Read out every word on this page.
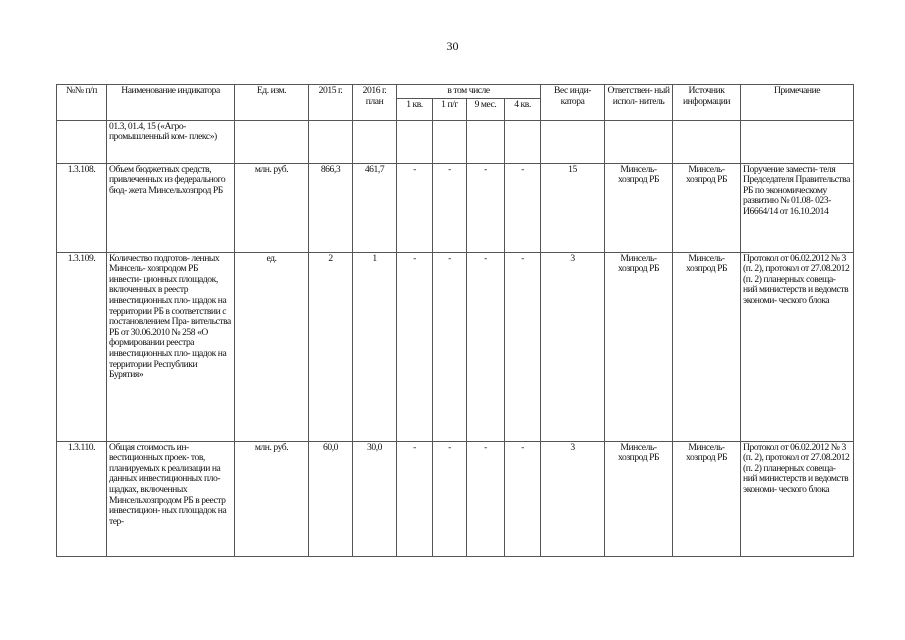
30
№№ п/п	Наименование индикатора	Ед. изм.	2015 г.	2016 г. план	в том числе				Вес инди- катора	Ответствен- ный испол- нитель	Источник информации	Примечание
					1 кв.	1 п/г	9 мес.	4 кв.				
	01.3, 01.4, 15 («Агро- промышленный ком- плекс»)											
1.3.108.	Объем бюджетных средств, привлеченных из федерального бюд- жета Минсельхозпрод РБ	млн. руб.	866,3	461,7	-	-	-	-	15	Минсель- хозпрод РБ	Минсель- хозпрод РБ	Поручение замести- теля Председателя Правительства РБ по экономическому развитию № 01.08- 023-И6664/14 от 16.10.2014
1.3.109.	Количество подготов- ленных Минсель- хозпродом РБ инвести- ционных площадок, включенных в реестр инвестиционных пло- щадок на территории РБ в соответствии с постановлением Пра- вительства РБ от 30.06.2010 № 258 «О формировании реестра инвестиционных пло- щадок на территории Республики Бурятия»	ед.	2	1	-	-	-	-	3	Минсель- хозпрод РБ	Минсель- хозпрод РБ	Протокол от 06.02.2012 № 3 (п. 2), протокол от 27.08.2012 (п. 2) планерных совеща- ний министерств и ведомств экономи- ческого блока
1.3.110.	Общая стоимость ин- вестиционных проек- тов, планируемых к реализации на данных инвестиционных пло- щадках, включенных Минсельхозпродом РБ в реестр инвестицион- ных площадок на тер-	млн. руб.	60,0	30,0	-	-	-	-	3	Минсель- хозпрод РБ	Минсель- хозпрод РБ	Протокол от 06.02.2012 № 3 (п. 2), протокол от 27.08.2012 (п. 2) планерных совеща- ний министерств и ведомств экономи- ческого блока
